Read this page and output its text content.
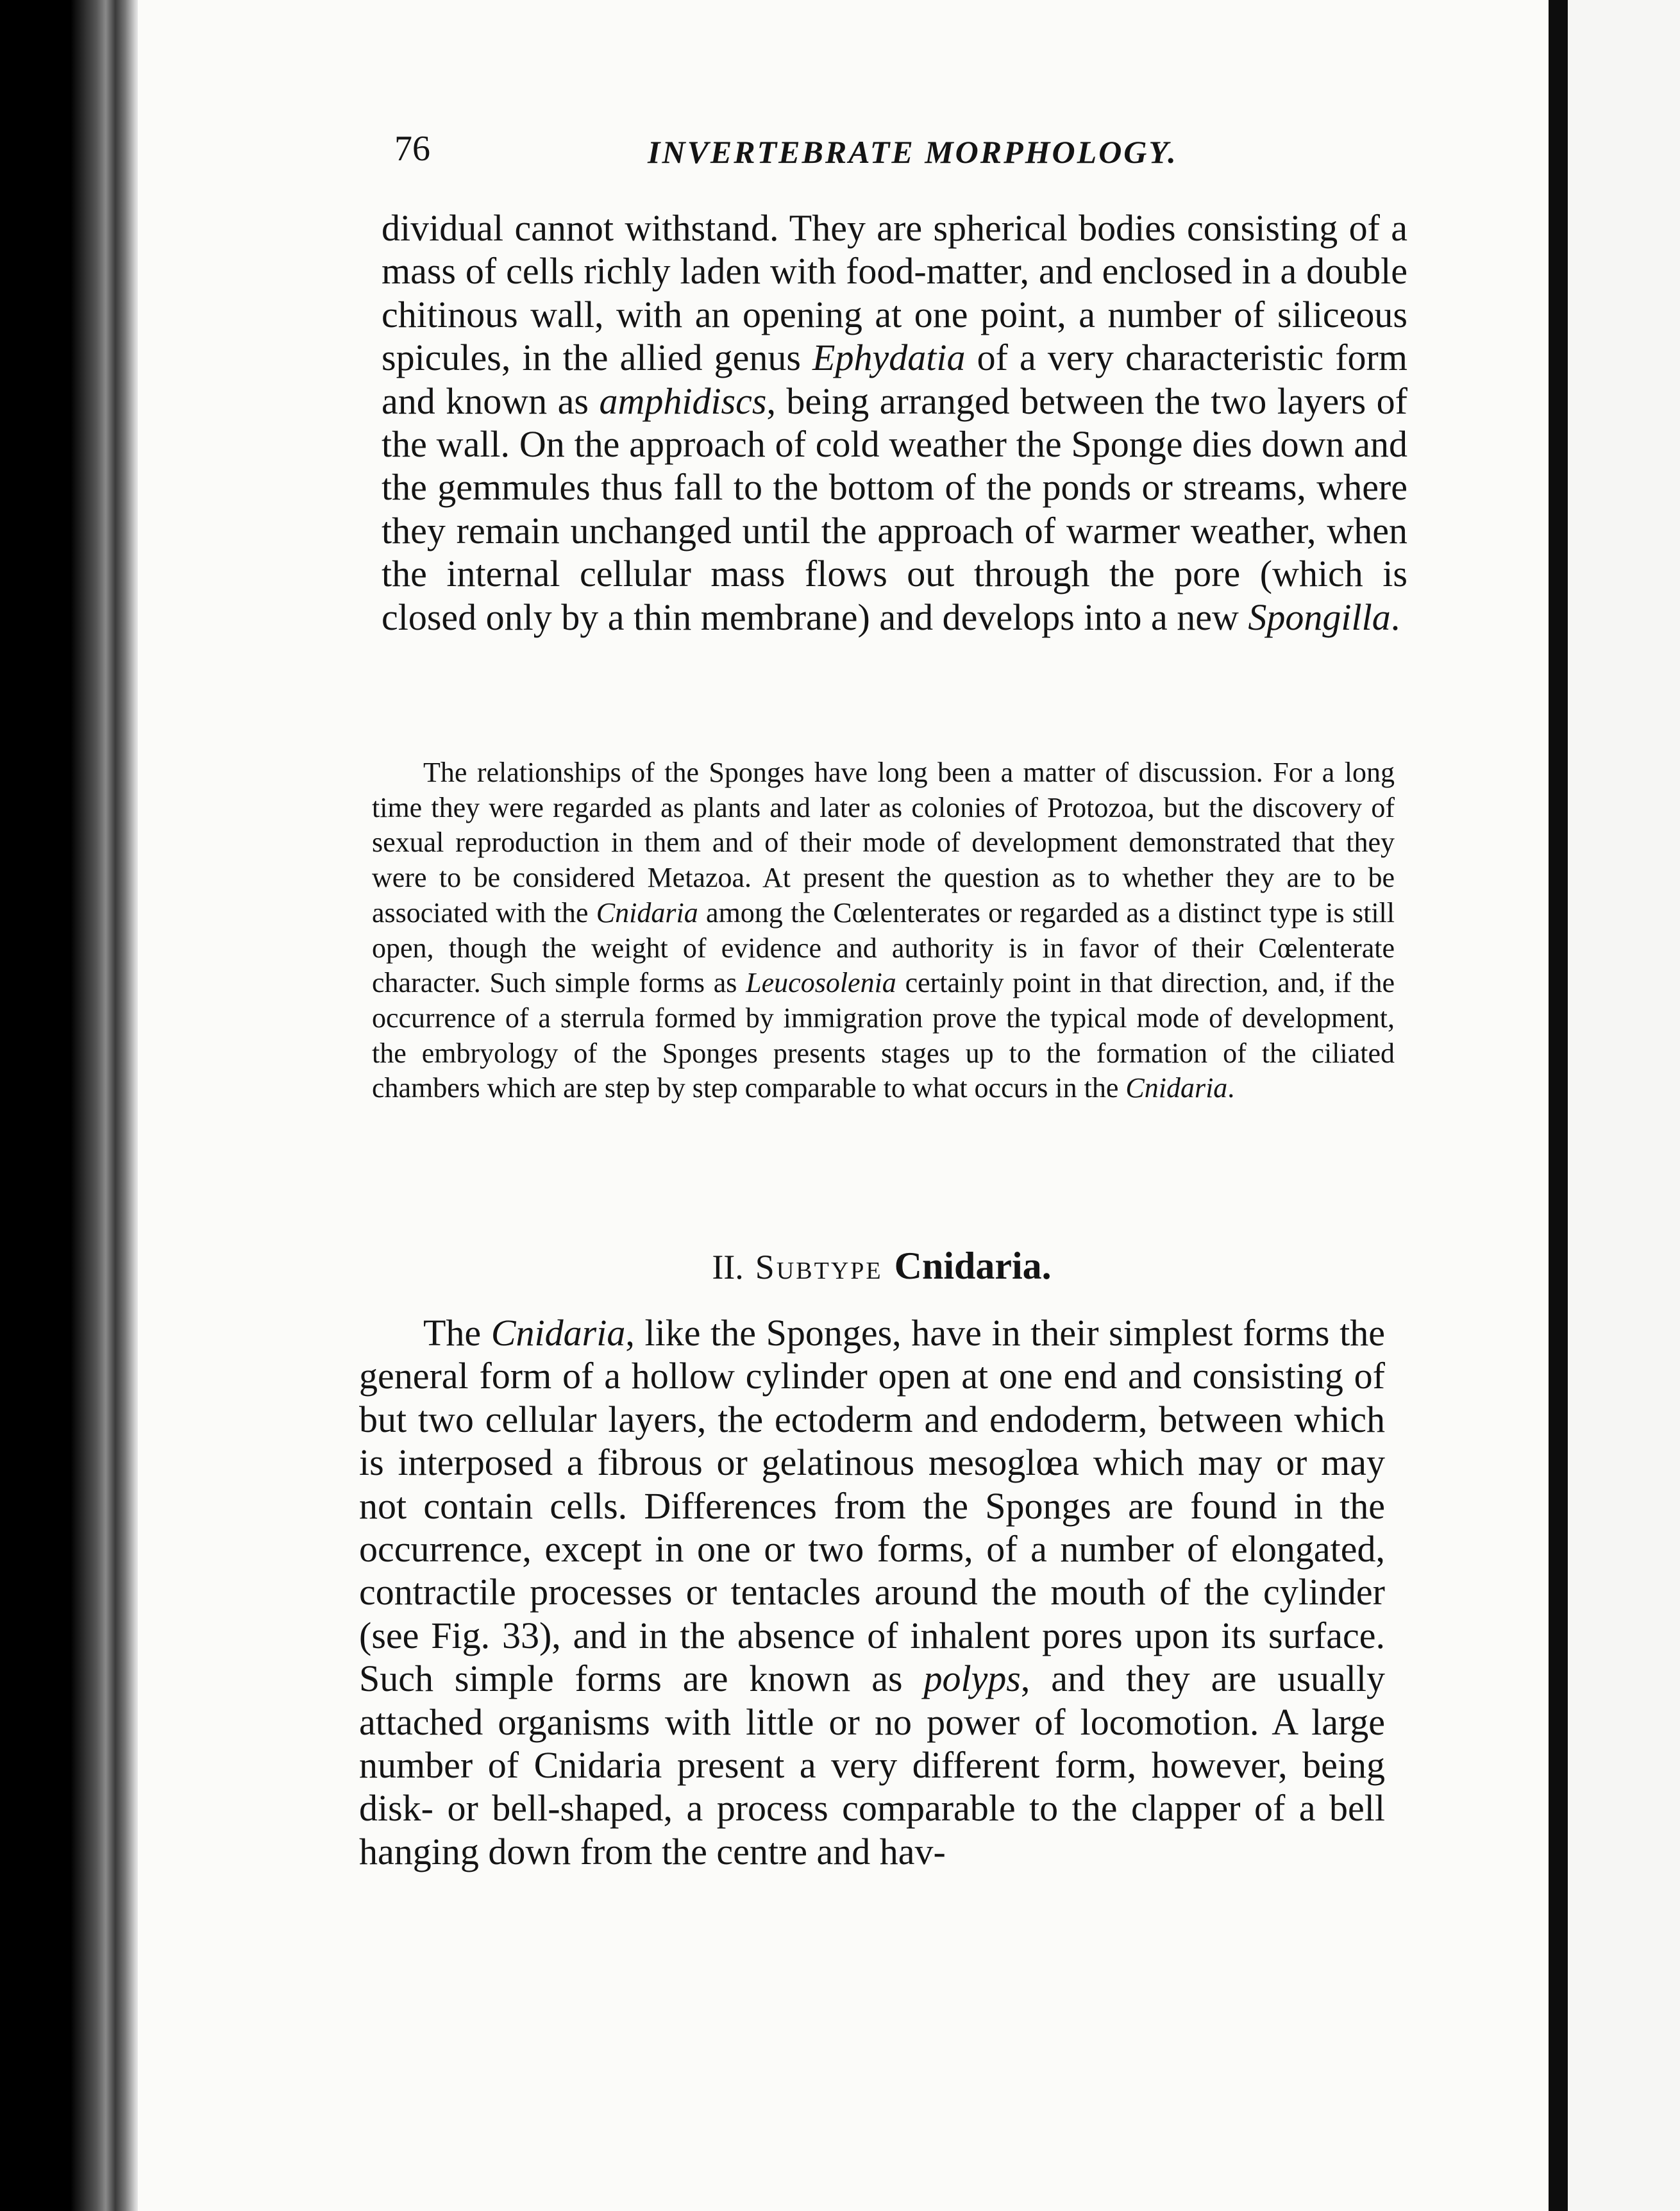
76	INVERTEBRATE MORPHOLOGY.

dividual cannot withstand. They are spherical bodies consisting of a mass of cells richly laden with food-matter, and enclosed in a double chitinous wall, with an opening at one point, a number of siliceous spicules, in the allied genus Ephydatia of a very characteristic form and known as amphidiscs, being arranged between the two layers of the wall. On the approach of cold weather the Sponge dies down and the gemmules thus fall to the bottom of the ponds or streams, where they remain unchanged until the approach of warmer weather, when the internal cellular mass flows out through the pore (which is closed only by a thin membrane) and develops into a new Spongilla.

The relationships of the Sponges have long been a matter of discussion. For a long time they were regarded as plants and later as colonies of Protozoa, but the discovery of sexual reproduction in them and of their mode of development demonstrated that they were to be considered Metazoa. At present the question as to whether they are to be associated with the Cnidaria among the Cœlenterates or regarded as a distinct type is still open, though the weight of evidence and authority is in favor of their Cœlenterate character. Such simple forms as Leucosolenia certainly point in that direction, and, if the occurrence of a sterrula formed by immigration prove the typical mode of development, the embryology of the Sponges presents stages up to the formation of the ciliated chambers which are step by step comparable to what occurs in the Cnidaria.

II. Subtype Cnidaria.

The Cnidaria, like the Sponges, have in their simplest forms the general form of a hollow cylinder open at one end and consisting of but two cellular layers, the ectoderm and endoderm, between which is interposed a fibrous or gelatinous mesoglœa which may or may not contain cells. Differences from the Sponges are found in the occurrence, except in one or two forms, of a number of elongated, contractile processes or tentacles around the mouth of the cylinder (see Fig. 33), and in the absence of inhalent pores upon its surface. Such simple forms are known as polyps, and they are usually attached organisms with little or no power of locomotion. A large number of Cnidaria present a very different form, however, being disk- or bell-shaped, a process comparable to the clapper of a bell hanging down from the centre and hav-
